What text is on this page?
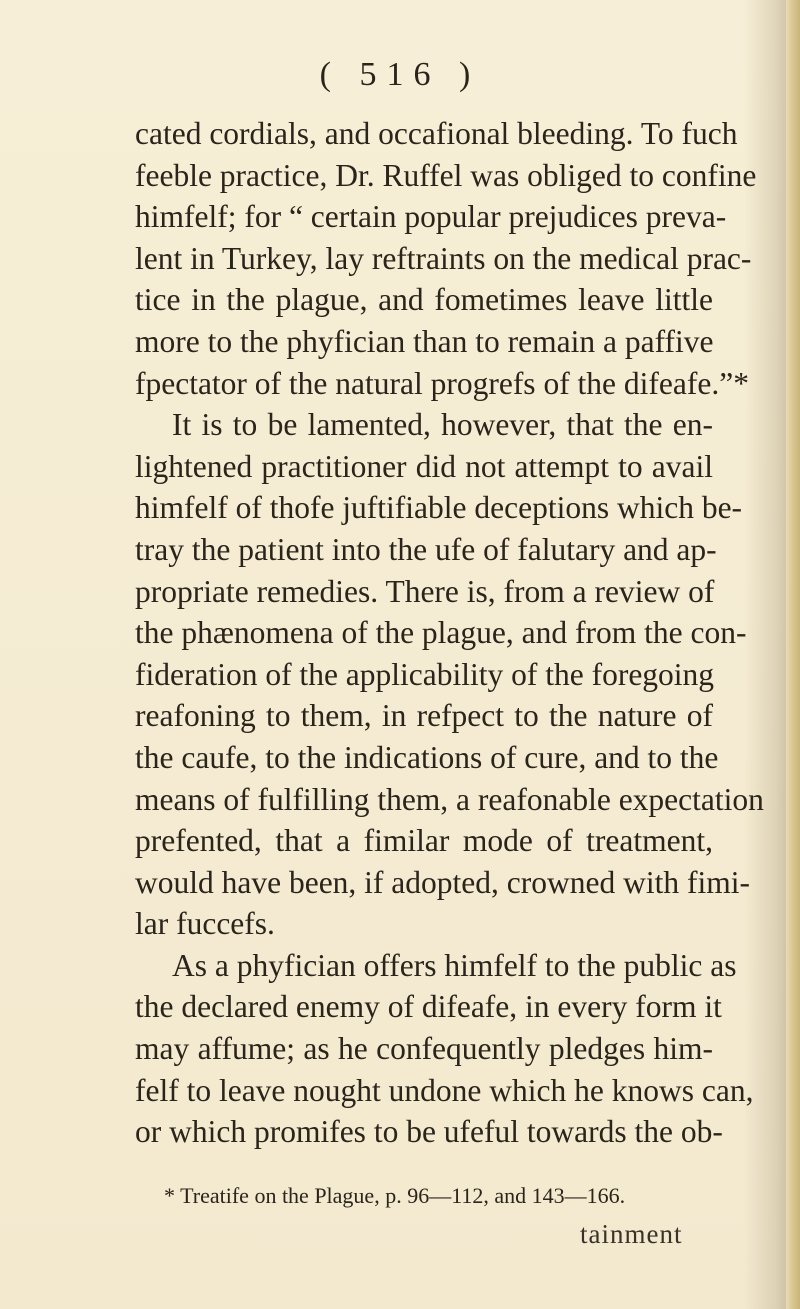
( 516 )
cated cordials, and occafional bleeding. To fuch
feeble practice, Dr. Ruffel was obliged to confine
himfelf; for “ certain popular prejudices preva-
lent in Turkey, lay reftraints on the medical prac-
tice in the plague, and fometimes leave little
more to the phyfician than to remain a paffive
fpectator of the natural progrefs of the difeafe.”*
It is to be lamented, however, that the en-
lightened practitioner did not attempt to avail
himfelf of thofe juftifiable deceptions which be-
tray the patient into the ufe of falutary and ap-
propriate remedies. There is, from a review of
the phænomena of the plague, and from the con-
fideration of the applicability of the foregoing
reafoning to them, in refpect to the nature of
the caufe, to the indications of cure, and to the
means of fulfilling them, a reafonable expectation
prefented, that a fimilar mode of treatment,
would have been, if adopted, crowned with fimi-
lar fuccefs.
As a phyfician offers himfelf to the public as
the declared enemy of difeafe, in every form it
may affume; as he confequently pledges him-
felf to leave nought undone which he knows can,
or which promifes to be ufeful towards the ob-
* Treatife on the Plague, p. 96—112, and 143—166.
tainment
